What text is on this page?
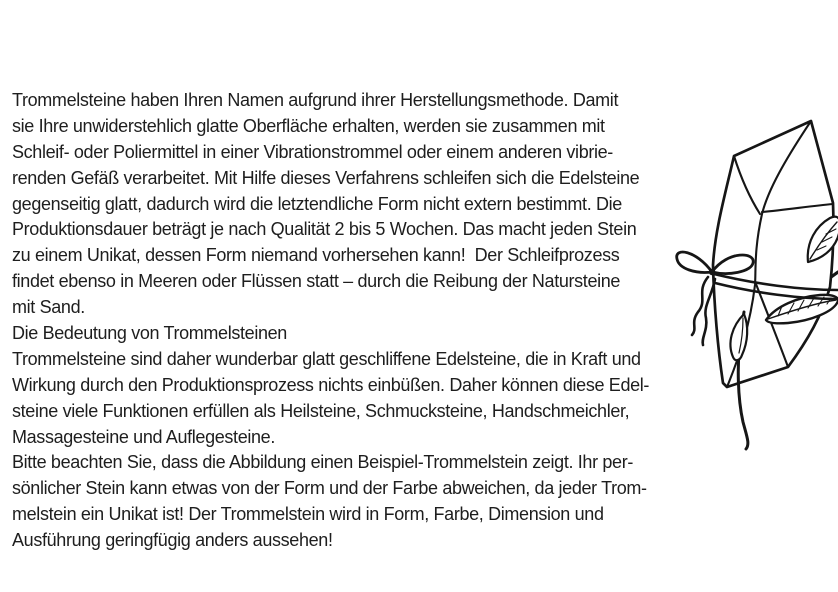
Trommelsteine haben Ihren Namen aufgrund ihrer Herstellungsmethode. Damit
sie Ihre unwiderstehlich glatte Oberfläche erhalten, werden sie zusammen mit
Schleif- oder Poliermittel in einer Vibrationstrommel oder einem anderen vibrie-
renden Gefäß verarbeitet. Mit Hilfe dieses Verfahrens schleifen sich die Edelsteine
gegenseitig glatt, dadurch wird die letztendliche Form nicht extern bestimmt. Die
Produktionsdauer beträgt je nach Qualität 2 bis 5 Wochen. Das macht jeden Stein
zu einem Unikat, dessen Form niemand vorhersehen kann!  Der Schleifprozess
findet ebenso in Meeren oder Flüssen statt – durch die Reibung der Natursteine
mit Sand.
Die Bedeutung von Trommelsteinen
Trommelsteine sind daher wunderbar glatt geschliffene Edelsteine, die in Kraft und
Wirkung durch den Produktionsprozess nichts einbüßen. Daher können diese Edel-
steine viele Funktionen erfüllen als Heilsteine, Schmucksteine, Handschmeichler,
Massagesteine und Auflegesteine.
Bitte beachten Sie, dass die Abbildung einen Beispiel-Trommelstein zeigt. Ihr per-
sönlicher Stein kann etwas von der Form und der Farbe abweichen, da jeder Trom-
melstein ein Unikat ist! Der Trommelstein wird in Form, Farbe, Dimension und
Ausführung geringfügig anders aussehen!
